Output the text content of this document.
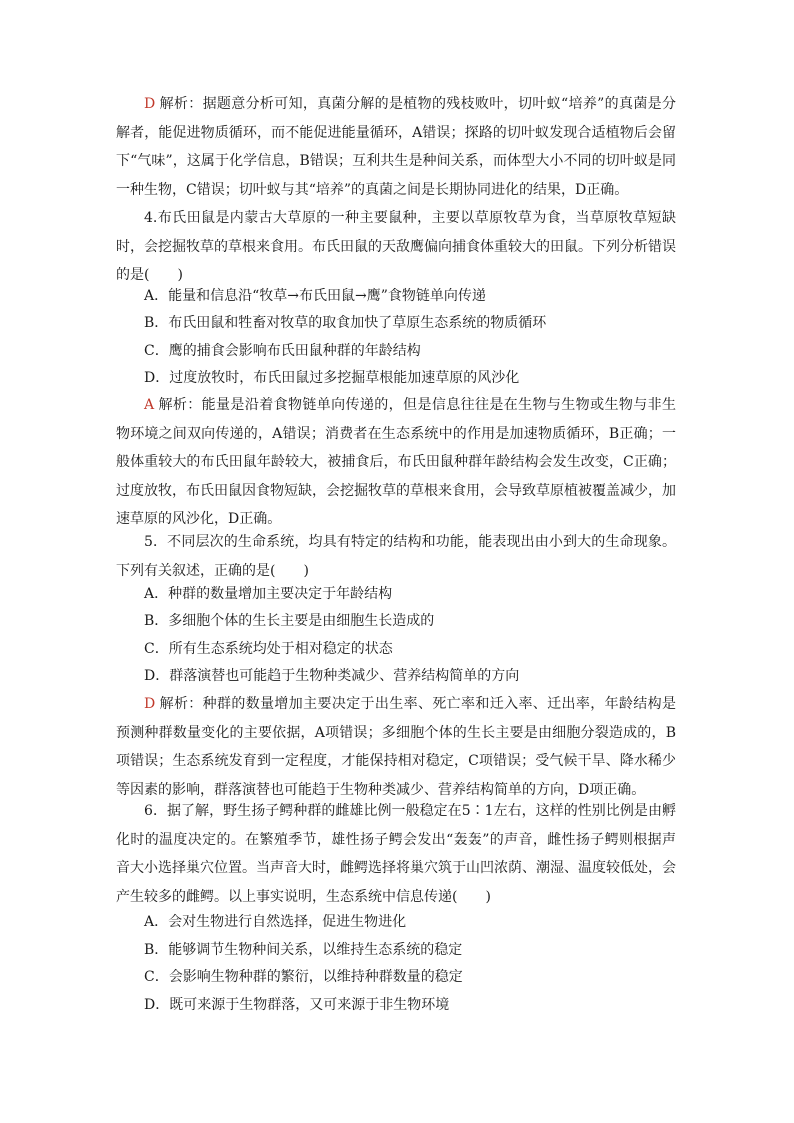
D 解析：据题意分析可知，真菌分解的是植物的残枝败叶，切叶蚁“培养”的真菌是分解者，能促进物质循环，而不能促进能量循环，A错误；探路的切叶蚁发现合适植物后会留下“气味”，这属于化学信息，B错误；互利共生是种间关系，而体型大小不同的切叶蚁是同一种生物，C错误；切叶蚁与其“培养”的真菌之间是长期协同进化的结果，D正确。
4.布氏田鼠是内蒙古大草原的一种主要鼠种，主要以草原牧草为食，当草原牧草短缺时，会挖掘牧草的草根来食用。布氏田鼠的天敌鹰偏向捕食体重较大的田鼠。下列分析错误的是(　　)
A．能量和信息沿“牧草→布氏田鼠→鹰”食物链单向传递
B．布氏田鼠和牲畜对牧草的取食加快了草原生态系统的物质循环
C．鹰的捕食会影响布氏田鼠种群的年龄结构
D．过度放牧时，布氏田鼠过多挖掘草根能加速草原的风沙化
A 解析：能量是沿着食物链单向传递的，但是信息往往是在生物与生物或生物与非生物环境之间双向传递的，A错误；消费者在生态系统中的作用是加速物质循环，B正确；一般体重较大的布氏田鼠年龄较大，被捕食后，布氏田鼠种群年龄结构会发生改变，C正确；过度放牧，布氏田鼠因食物短缺，会挖掘牧草的草根来食用，会导致草原植被覆盖减少，加速草原的风沙化，D正确。
5．不同层次的生命系统，均具有特定的结构和功能，能表现出由小到大的生命现象。下列有关叙述，正确的是(　　)
A．种群的数量增加主要决定于年龄结构
B．多细胞个体的生长主要是由细胞生长造成的
C．所有生态系统均处于相对稳定的状态
D．群落演替也可能趋于生物种类减少、营养结构简单的方向
D 解析：种群的数量增加主要决定于出生率、死亡率和迁入率、迁出率，年龄结构是预测种群数量变化的主要依据，A项错误；多细胞个体的生长主要是由细胞分裂造成的，B项错误；生态系统发育到一定程度，才能保持相对稳定，C项错误；受气候干旱、降水稀少等因素的影响，群落演替也可能趋于生物种类减少、营养结构简单的方向，D项正确。
6．据了解，野生扬子鳄种群的雌雄比例一般稳定在5∶1左右，这样的性别比例是由孵化时的温度决定的。在繁殖季节，雄性扬子鳄会发出“轰轰”的声音，雌性扬子鳄则根据声音大小选择巢穴位置。当声音大时，雌鳄选择将巢穴筑于山凹浓荫、潮湿、温度较低处，会产生较多的雌鳄。以上事实说明，生态系统中信息传递(　　)
A．会对生物进行自然选择，促进生物进化
B．能够调节生物种间关系，以维持生态系统的稳定
C．会影响生物种群的繁衍，以维持种群数量的稳定
D．既可来源于生物群落，又可来源于非生物环境
